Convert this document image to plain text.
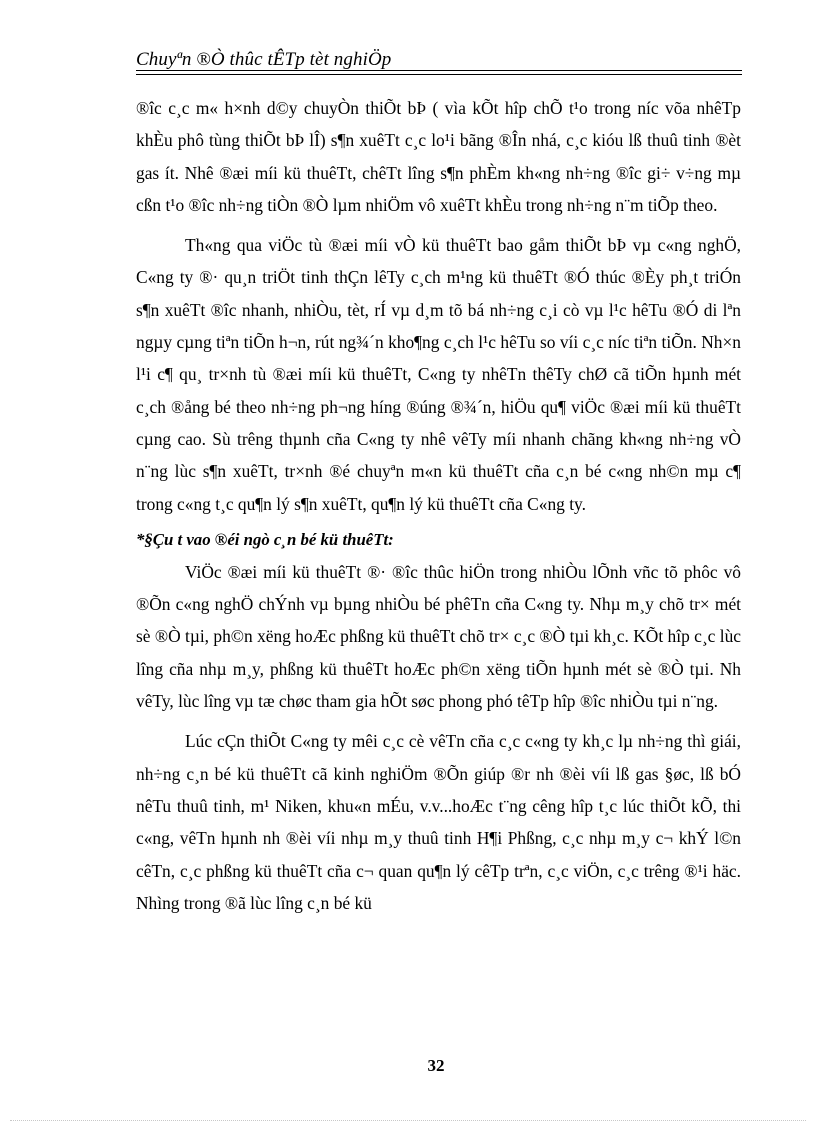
Chuyªn ®Ò thûc tÊTp tèt nghiÖp

®îc c¸c m« h×nh d©y chuyÒn thiÕt bÞ ( vìa kÕt hîp chÕ t¹o trong níc võa nhêTp khÈu phô tùng thiÕt bÞ lÎ) s¶n xuêTt c¸c lo¹i bãng ®În nhá, c¸c kióu lß thuû tinh ®èt gas ít. Nhê ®æi míi kü thuêTt, chêTt lîng s¶n phÈm kh«ng nh÷ng ®îc gi÷ v÷ng mµ cßn t¹o ®îc nh÷ng tiÒn ®Ò lµm nhiÖm vô xuêTt khÈu trong nh÷ng n¨m tiÕp theo.

Th«ng qua viÖc tù ®æi míi vÒ kü thuêTt bao gåm thiÕt bÞ vµ c«ng nghÖ, C«ng ty ®· qu¸n triÖt tinh thÇn lêTy c¸ch m¹ng kü thuêTt ®Ó thúc ®Èy ph¸t triÓn s¶n xuêTt ®îc nhanh, nhiÒu, tèt, rÍ vµ d¸m tõ bá nh÷ng c¸i cò vµ l¹c hêTu ®Ó di lªn ngµy cµng tiªn tiÕn h¬n, rút ng¾´n kho¶ng c¸ch l¹c hêTu so víi c¸c níc tiªn tiÕn. Nh×n l¹i c¶ qu¸ tr×nh tù ®æi míi kü thuêTt, C«ng ty nhêTn thêTy chØ cã tiÕn hµnh mét c¸ch ®ång bé theo nh÷ng ph¬ng híng ®úng ®¾´n, hiÖu qu¶ viÖc ®æi míi kü thuêTt cµng cao. Sù trêng thµnh cña C«ng ty nhê vêTy míi nhanh chãng kh«ng nh÷ng vÒ n¨ng lùc s¶n xuêTt, tr×nh ®é chuyªn m«n kü thuêTt cña c¸n bé c«ng nh©n mµ c¶ trong c«ng t¸c qu¶n lý s¶n xuêTt, qu¶n lý kü thuêTt cña C«ng ty.

*§Çu t vao ®éi ngò c¸n bé kü thuêTt:

ViÖc ®æi míi kü thuêTt ®· ®îc thûc hiÖn trong nhiÒu lÕnh vñc tõ phôc vô ®Õn c«ng nghÖ chÝnh vµ bµng nhiÒu bé phêTn cña C«ng ty. Nhµ m¸y chõ tr× mét sè ®Ò tµi, ph©n xëng hoÆc phßng kü thuêTt chõ tr× c¸c ®Ò tµi kh¸c. KÕt hîp c¸c lùc lîng cña nhµ m¸y, phßng kü thuêTt hoÆc ph©n xëng tiÕn hµnh mét sè ®Ò tµi. Nh vêTy, lùc lîng vµ tæ chøc tham gia hÕt søc phong phó têTp hîp ®îc nhiÒu tµi n¨ng.

Lúc cÇn thiÕt C«ng ty mêi c¸c cè vêTn cña c¸c c«ng ty kh¸c lµ nh÷ng thì giái, nh÷ng c¸n bé kü thuêTt cã kinh nghiÖm ®Õn giúp ®r nh ®èi víi lß gas §øc, lß bÓ nêTu thuû tinh, m¹ Niken, khu«n mÉu, v.v...hoÆc t¨ng cêng hîp t¸c lúc thiÕt kÕ, thi c«ng, vêTn hµnh nh ®èi víi nhµ m¸y thuû tinh H¶i Phßng, c¸c nhµ m¸y c¬ khÝ l©n cêTn, c¸c phßng kü thuêTt cña c¬ quan qu¶n lý cêTp trªn, c¸c viÖn, c¸c trêng ®¹i häc. Nhìng trong ®ã lùc lîng c¸n bé kü

32
